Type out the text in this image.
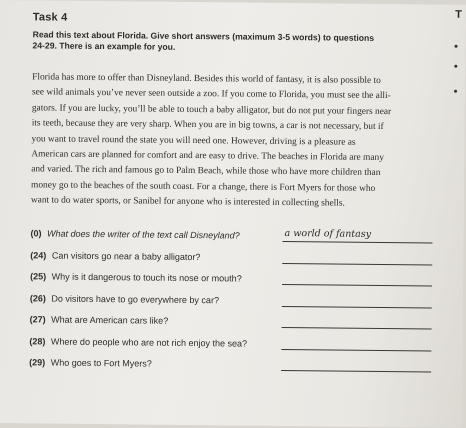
Task 4	T
Read this text about Florida. Give short answers (maximum 3-5 words) to questions
24-29. There is an example for you.
Florida has more to offer than Disneyland. Besides this world of fantasy, it is also possible to
see wild animals you’ve never seen outside a zoo. If you come to Florida, you must see the alli-
gators. If you are lucky, you’ll be able to touch a baby alligator, but do not put your fingers near
its teeth, because they are very sharp. When you are in big towns, a car is not necessary, but if
you want to travel round the state you will need one. However, driving is a pleasure as
American cars are planned for comfort and are easy to drive. The beaches in Florida are many
and varied. The rich and famous go to Palm Beach, while those who have more children than
money go to the beaches of the south coast. For a change, there is Fort Myers for those who
want to do water sports, or Sanibel for anyone who is interested in collecting shells.
(0) What does the writer of the text call Disneyland?	a world of fantasy
(24) Can visitors go near a baby alligator?
(25) Why is it dangerous to touch its nose or mouth?
(26) Do visitors have to go everywhere by car?
(27) What are American cars like?
(28) Where do people who are not rich enjoy the sea?
(29) Who goes to Fort Myers?
